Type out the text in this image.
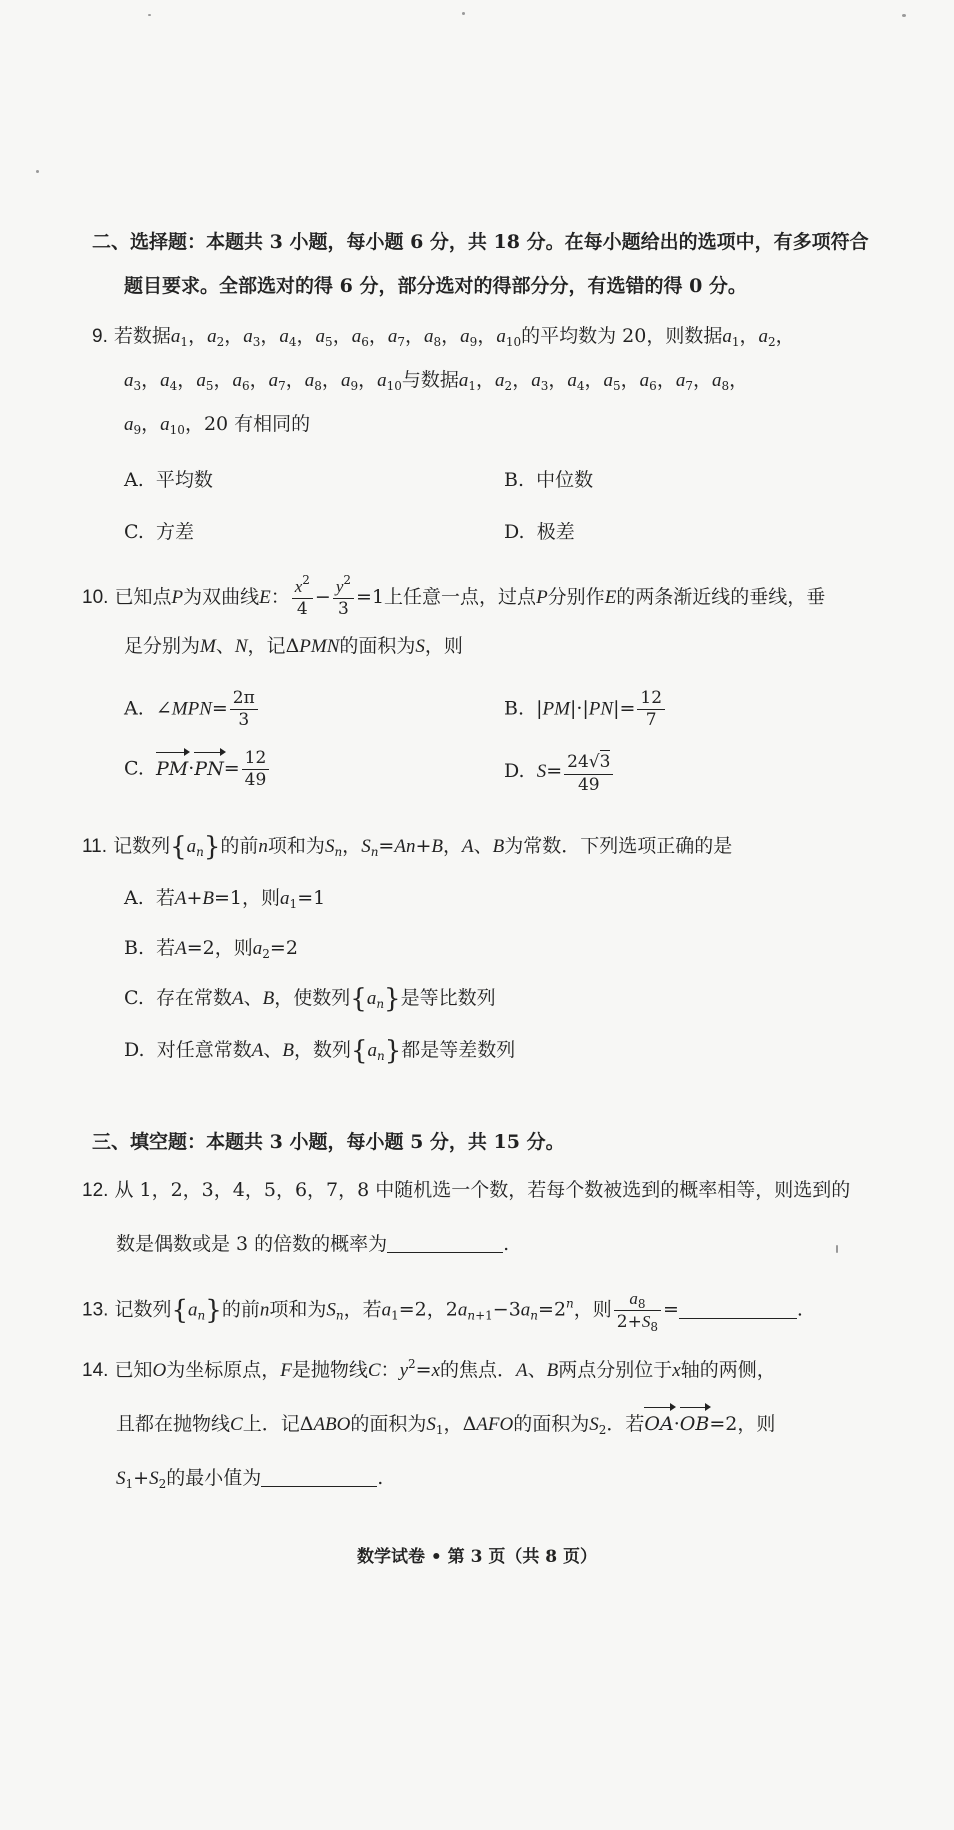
二、选择题：本题共 3 小题，每小题 6 分，共 18 分。在每小题给出的选项中，有多项符合
题目要求。全部选对的得 6 分，部分选对的得部分分，有选错的得 0 分。
9. 若数据$a_1$，$a_2$，$a_3$，$a_4$，$a_5$，$a_6$，$a_7$，$a_8$，$a_9$，$a_{10}$的平均数为 20，则数据$a_1$，$a_2$，
$a_3$，$a_4$，$a_5$，$a_6$，$a_7$，$a_8$，$a_9$，$a_{10}$与数据$a_1$，$a_2$，$a_3$，$a_4$，$a_5$，$a_6$，$a_7$，$a_8$，
$a_9$，$a_{10}$，20 有相同的
A. 平均数	B. 中位数
C. 方差	D. 极差
10. 已知点P为双曲线E： $\frac{x^2}{4} - \frac{y^2}{3} =1$上任意一点，过点P分别作E的两条渐近线的垂线，垂
足分别为M、N，记ΔPMN的面积为S，则
A.  ∠MPN= $\frac{2\pi}{3}$	B.  $|PM|\cdot|PN|= \frac{12}{7}$
C. $PM\cdot PN= \frac{12}{49}$	D. $S= \frac{24√3}{49}$
11. 记数列$\{a_n\}$的前n项和为$S_n$，$S_n=An+B$，A、B为常数．下列选项正确的是
A. 若A+B=1，则$a_1=1$
B. 若A=2，则$a_2=2$
C. 存在常数A、B，使数列$\{a_n\}$是等比数列
D. 对任意常数A、B，数列$\{a_n\}$都是等差数列
三、填空题：本题共 3 小题，每小题 5 分，共 15 分。
12. 从 1，2，3，4，5，6，7，8 中随机选一个数，若每个数被选到的概率相等，则选到的
数是偶数或是 3 的倍数的概率为	.
13. 记数列$\{a_n\}$的前n项和为$S_n$，若$a_1=2$，$2a_{n+1}-3a_n=2^n$，则 $\frac{a_8}{2+S_8}$ =	.
14. 已知O为坐标原点，F是抛物线C：$y^2=x$的焦点．A、B两点分别位于x轴的两侧，
且都在抛物线C上．记ΔABO的面积为$S_1$，ΔAFO的面积为$S_2$．若OA·OB=2，则
$S_1+S_2$的最小值为	.
数学试卷 • 第 3 页（共 8 页）
